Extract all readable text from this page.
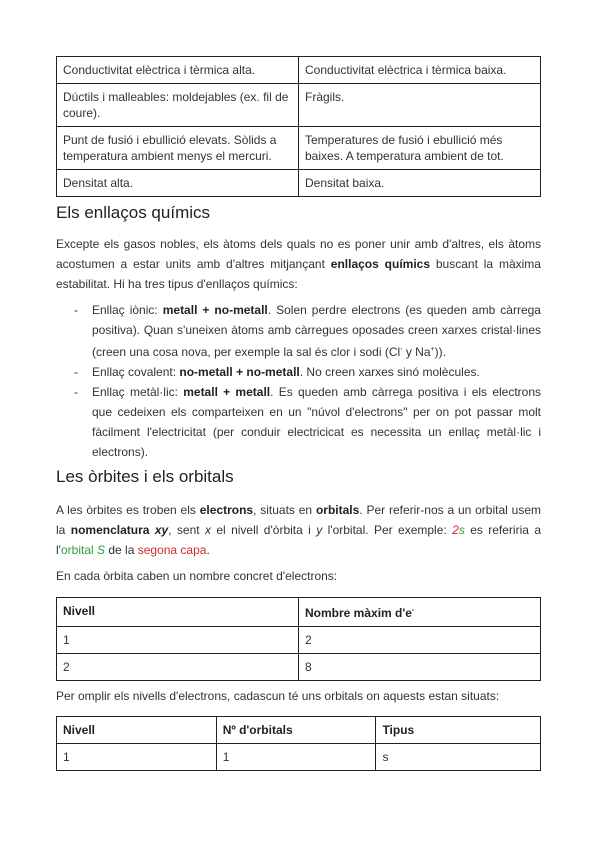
Conductivitat elèctrica i tèrmica alta.	Conductivitat elèctrica i tèrmica baixa.
Dúctils i malleables: moldejables (ex. fil de coure).	Fràgils.
Punt de fusió i ebullició elevats. Sòlids a temperatura ambient menys el mercuri.	Temperatures de fusió i ebullició més baixes. A temperatura ambient de tot.
Densitat alta.	Densitat baixa.
Els enllaços químics

Excepte els gasos nobles, els àtoms dels quals no es poner unir amb d'altres, els àtoms acostumen a estar units amb d'altres mitjançant enllaços químics buscant la màxima estabilitat. Hi ha tres tipus d'enllaços químics:

- Enllaç iònic: metall + no-metall. Solen perdre electrons (es queden amb càrrega positiva). Quan s'uneixen àtoms amb càrregues oposades creen xarxes cristal·lines (creen una cosa nova, per exemple la sal és clor i sodi (Cl- y Na+)).
- Enllaç covalent: no-metall + no-metall. No creen xarxes sinó molècules.
- Enllaç metàl·lic: metall + metall. Es queden amb càrrega positiva i els electrons que cedeixen els comparteixen en un "núvol d'electrons" per on pot passar molt fàcilment l'electricitat (per conduir electricicat es necessita un enllaç metàl·lic i electrons).
Les òrbites i els orbitals

A les òrbites es troben els electrons, situats en orbitals. Per referir-nos a un orbital usem la nomenclatura xy, sent x el nivell d'òrbita i y l'orbital. Per exemple: 2s es referiria a l'orbital S de la segona capa.

En cada òrbita caben un nombre concret d'electrons:

Nivell	Nombre màxim d'e-
1	2
2	8

Per omplir els nivells d'electrons, cadascun té uns orbitals on aquests estan situats:

Nivell	Nº d'orbitals	Tipus
1	1	s
